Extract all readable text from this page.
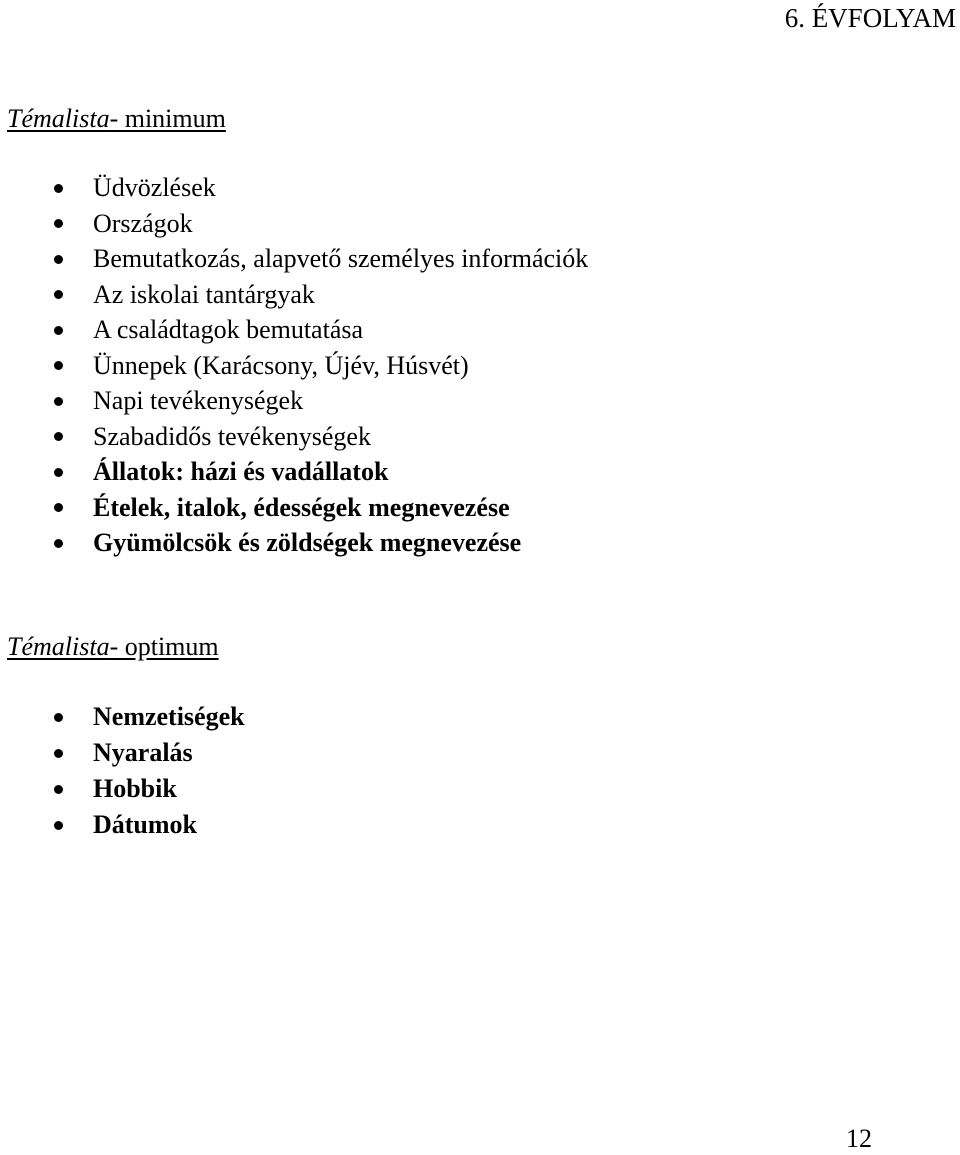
6. ÉVFOLYAM
Témalista- minimum
Üdvözlések
Országok
Bemutatkozás, alapvető személyes információk
Az iskolai tantárgyak
A családtagok bemutatása
Ünnepek (Karácsony, Újév, Húsvét)
Napi tevékenységek
Szabadidős tevékenységek
Állatok: házi és vadállatok
Ételek, italok, édességek megnevezése
Gyümölcsök és zöldségek megnevezése
Témalista- optimum
Nemzetiségek
Nyaralás
Hobbik
Dátumok
12
